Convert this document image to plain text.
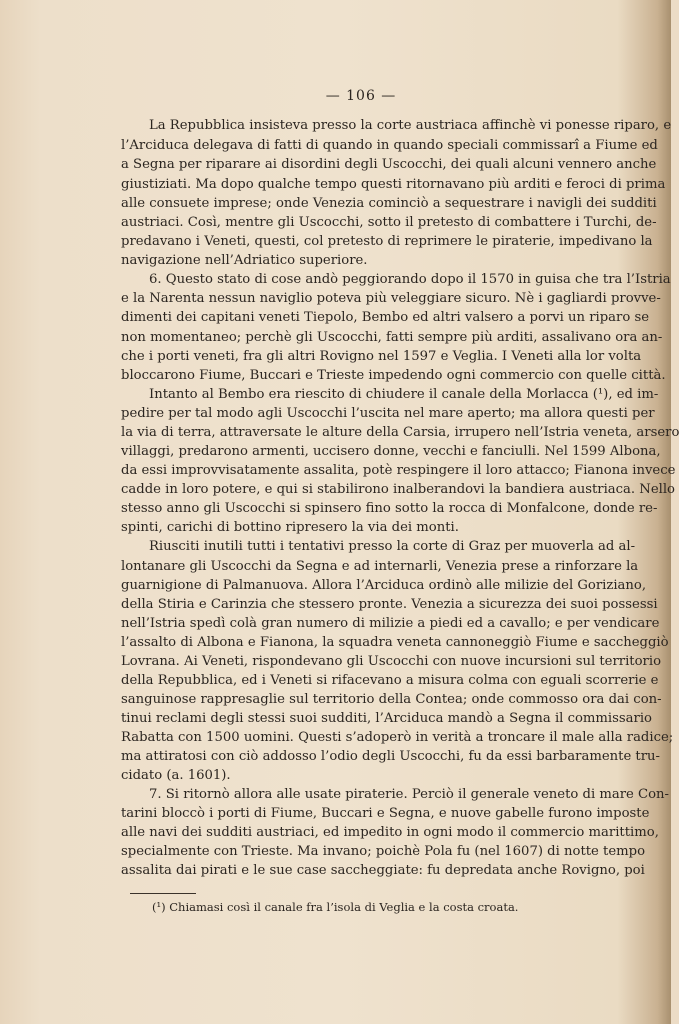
— 106 —
La Repubblica insisteva presso la corte austriaca affinchè vi ponesse riparo, e
l’Arciduca delegava di fatti di quando in quando speciali commissarî a Fiume ed
a Segna per riparare ai disordini degli Uscocchi, dei quali alcuni vennero anche
giustiziati. Ma dopo qualche tempo questi ritornavano più arditi e feroci di prima
alle consuete imprese; onde Venezia cominciò a sequestrare i navigli dei sudditi
austriaci. Così, mentre gli Uscocchi, sotto il pretesto di combattere i Turchi, de-
predavano i Veneti, questi, col pretesto di reprimere le piraterie, impedivano la
navigazione nell’Adriatico superiore.
6. Questo stato di cose andò peggiorando dopo il 1570 in guisa che tra l’Istria
e la Narenta nessun naviglio poteva più veleggiare sicuro. Nè i gagliardi provve-
dimenti dei capitani veneti Tiepolo, Bembo ed altri valsero a porvi un riparo se
non momentaneo; perchè gli Uscocchi, fatti sempre più arditi, assalivano ora an-
che i porti veneti, fra gli altri Rovigno nel 1597 e Veglia. I Veneti alla lor volta
bloccarono Fiume, Buccari e Trieste impedendo ogni commercio con quelle città.
Intanto al Bembo era riescito di chiudere il canale della Morlacca (¹), ed im-
pedire per tal modo agli Uscocchi l’uscita nel mare aperto; ma allora questi per
la via di terra, attraversate le alture della Carsia, irrupero nell’Istria veneta, arsero
villaggi, predarono armenti, uccisero donne, vecchi e fanciulli. Nel 1599 Albona,
da essi improvvisatamente assalita, potè respingere il loro attacco; Fianona invece
cadde in loro potere, e qui si stabilirono inalberandovi la bandiera austriaca. Nello
stesso anno gli Uscocchi si spinsero fino sotto la rocca di Monfalcone, donde re-
spinti, carichi di bottino ripresero la via dei monti.
Riusciti inutili tutti i tentativi presso la corte di Graz per muoverla ad al-
lontanare gli Uscocchi da Segna e ad internarli, Venezia prese a rinforzare la
guarnigione di Palmanuova. Allora l’Arciduca ordinò alle milizie del Goriziano,
della Stiria e Carinzia che stessero pronte. Venezia a sicurezza dei suoi possessi
nell’Istria spedì colà gran numero di milizie a piedi ed a cavallo; e per vendicare
l’assalto di Albona e Fianona, la squadra veneta cannoneggiò Fiume e saccheggiò
Lovrana. Ai Veneti, rispondevano gli Uscocchi con nuove incursioni sul territorio
della Repubblica, ed i Veneti si rifacevano a misura colma con eguali scorrerie e
sanguinose rappresaglie sul territorio della Contea; onde commosso ora dai con-
tinui reclami degli stessi suoi sudditi, l’Arciduca mandò a Segna il commissario
Rabatta con 1500 uomini. Questi s’adoperò in verità a troncare il male alla radice;
ma attiratosi con ciò addosso l’odio degli Uscocchi, fu da essi barbaramente tru-
cidato (a. 1601).
7. Si ritornò allora alle usate piraterie. Perciò il generale veneto di mare Con-
tarini bloccò i porti di Fiume, Buccari e Segna, e nuove gabelle furono imposte
alle navi dei sudditi austriaci, ed impedito in ogni modo il commercio marittimo,
specialmente con Trieste. Ma invano; poichè Pola fu (nel 1607) di notte tempo
assalita dai pirati e le sue case saccheggiate: fu depredata anche Rovigno, poi
(¹) Chiamasi così il canale fra l’isola di Veglia e la costa croata.
